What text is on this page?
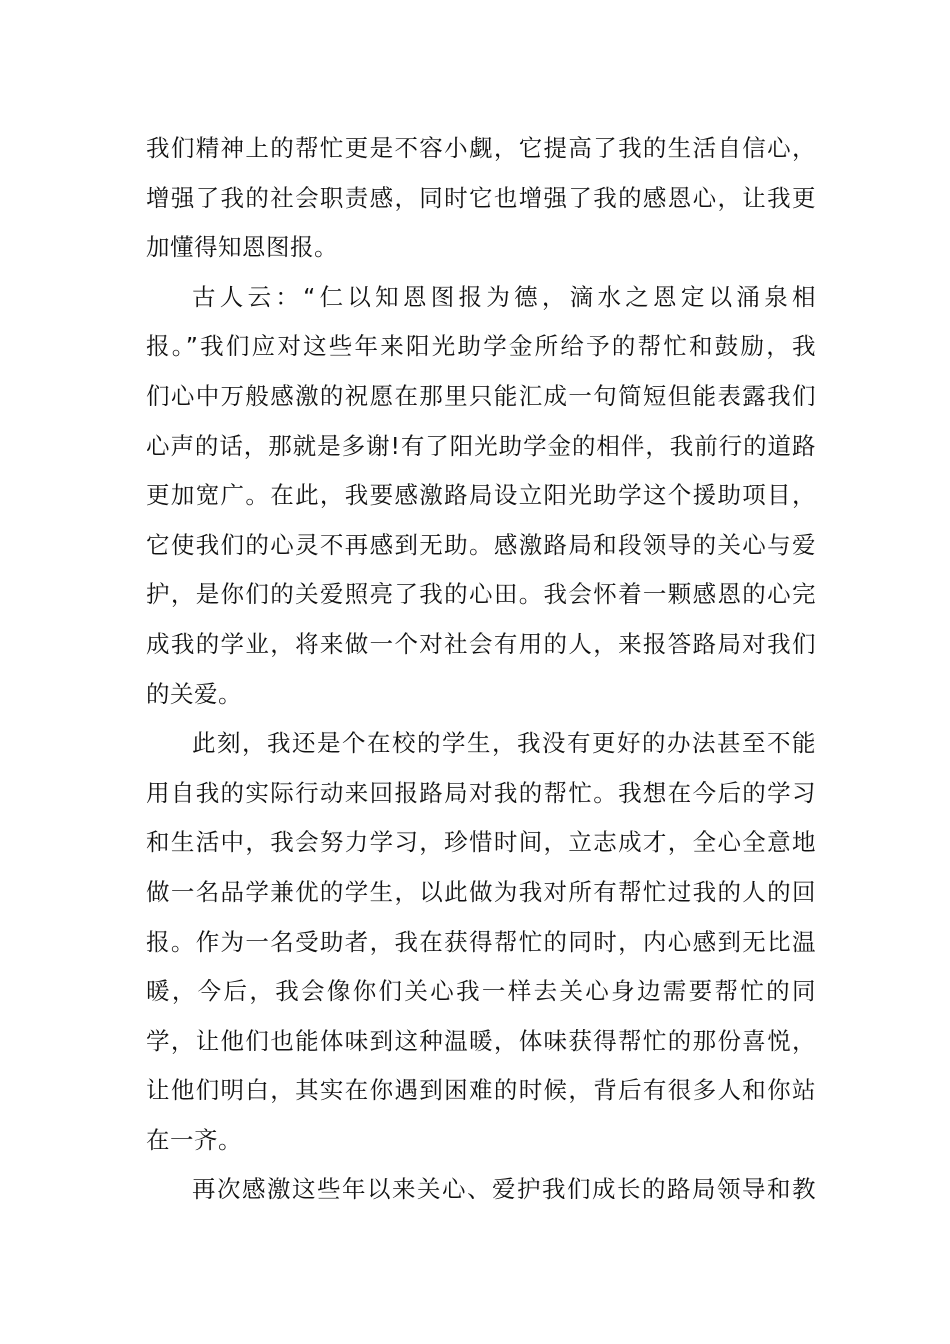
我们精神上的帮忙更是不容小觑，它提高了我的生活自信心，
增强了我的社会职责感，同时它也增强了我的感恩心，让我更
加懂得知恩图报。
古人云：“仁以知恩图报为德，滴水之恩定以涌泉相
报。”我们应对这些年来阳光助学金所给予的帮忙和鼓励，我
们心中万般感激的祝愿在那里只能汇成一句简短但能表露我们
心声的话，那就是多谢!有了阳光助学金的相伴，我前行的道路
更加宽广。在此，我要感激路局设立阳光助学这个援助项目，
它使我们的心灵不再感到无助。感激路局和段领导的关心与爱
护，是你们的关爱照亮了我的心田。我会怀着一颗感恩的心完
成我的学业，将来做一个对社会有用的人，来报答路局对我们
的关爱。
此刻，我还是个在校的学生，我没有更好的办法甚至不能
用自我的实际行动来回报路局对我的帮忙。我想在今后的学习
和生活中，我会努力学习，珍惜时间，立志成才，全心全意地
做一名品学兼优的学生，以此做为我对所有帮忙过我的人的回
报。作为一名受助者，我在获得帮忙的同时，内心感到无比温
暖，今后，我会像你们关心我一样去关心身边需要帮忙的同
学，让他们也能体味到这种温暖，体味获得帮忙的那份喜悦，
让他们明白，其实在你遇到困难的时候，背后有很多人和你站
在一齐。
再次感激这些年以来关心、爱护我们成长的路局领导和教
